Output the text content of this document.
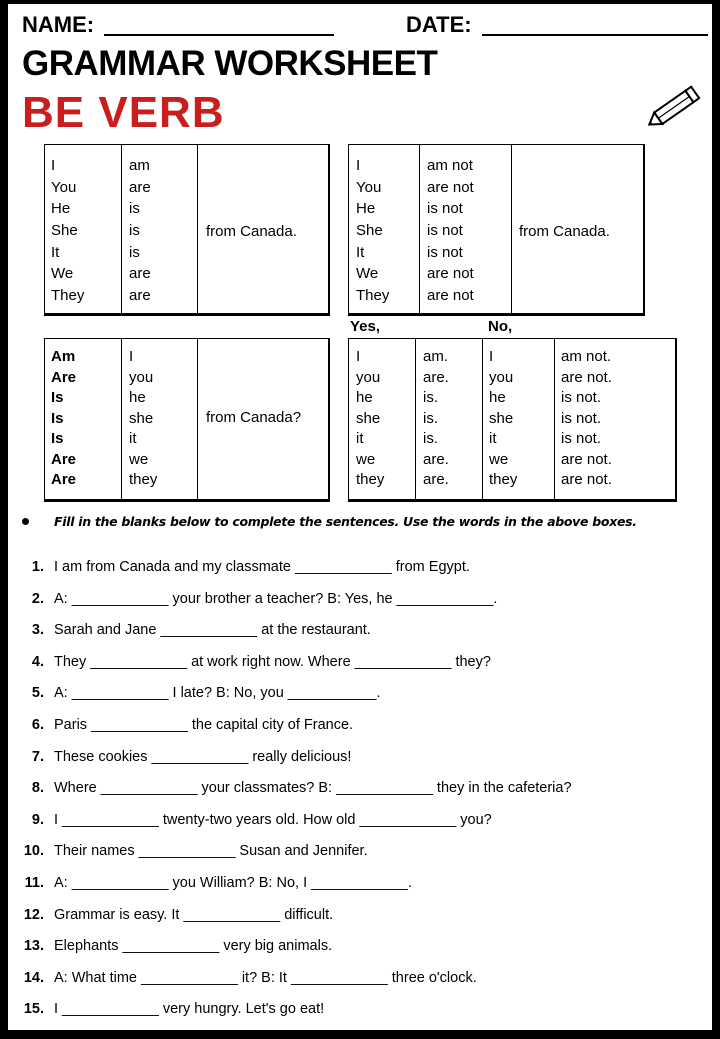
NAME:	DATE:
GRAMMAR WORKSHEET
BE VERB
I
You
He
She
It
We
They
am
are
is
is
is
are
are
from Canada.
I
You
He
She
It
We
They
am not
are not
is not
is not
is not
are not
are not
from Canada.
Yes,	No,
Am
Are
Is
Is
Is
Are
Are
I
you
he
she
it
we
they
from Canada?
I
you
he
she
it
we
they
am.
are.
is.
is.
is.
are.
are.
I
you
he
she
it
we
they
am not.
are not.
is not.
is not.
is not.
are not.
are not.
Fill in the blanks below to complete the sentences. Use the words in the above boxes.
1. I am from Canada and my classmate ____________ from Egypt.
2. A: ____________ your brother a teacher? B: Yes, he ____________.
3. Sarah and Jane ____________ at the restaurant.
4. They ____________ at work right now. Where ____________ they?
5. A: ____________ I late? B: No, you ___________.
6. Paris ____________ the capital city of France.
7. These cookies ____________ really delicious!
8. Where ____________ your classmates? B: ____________ they in the cafeteria?
9. I ____________ twenty-two years old. How old ____________ you?
10. Their names ____________ Susan and Jennifer.
11. A: ____________ you William? B: No, I ____________.
12. Grammar is easy. It ____________ difficult.
13. Elephants ____________ very big animals.
14. A: What time ____________ it? B: It ____________ three o'clock.
15. I ____________ very hungry. Let's go eat!
